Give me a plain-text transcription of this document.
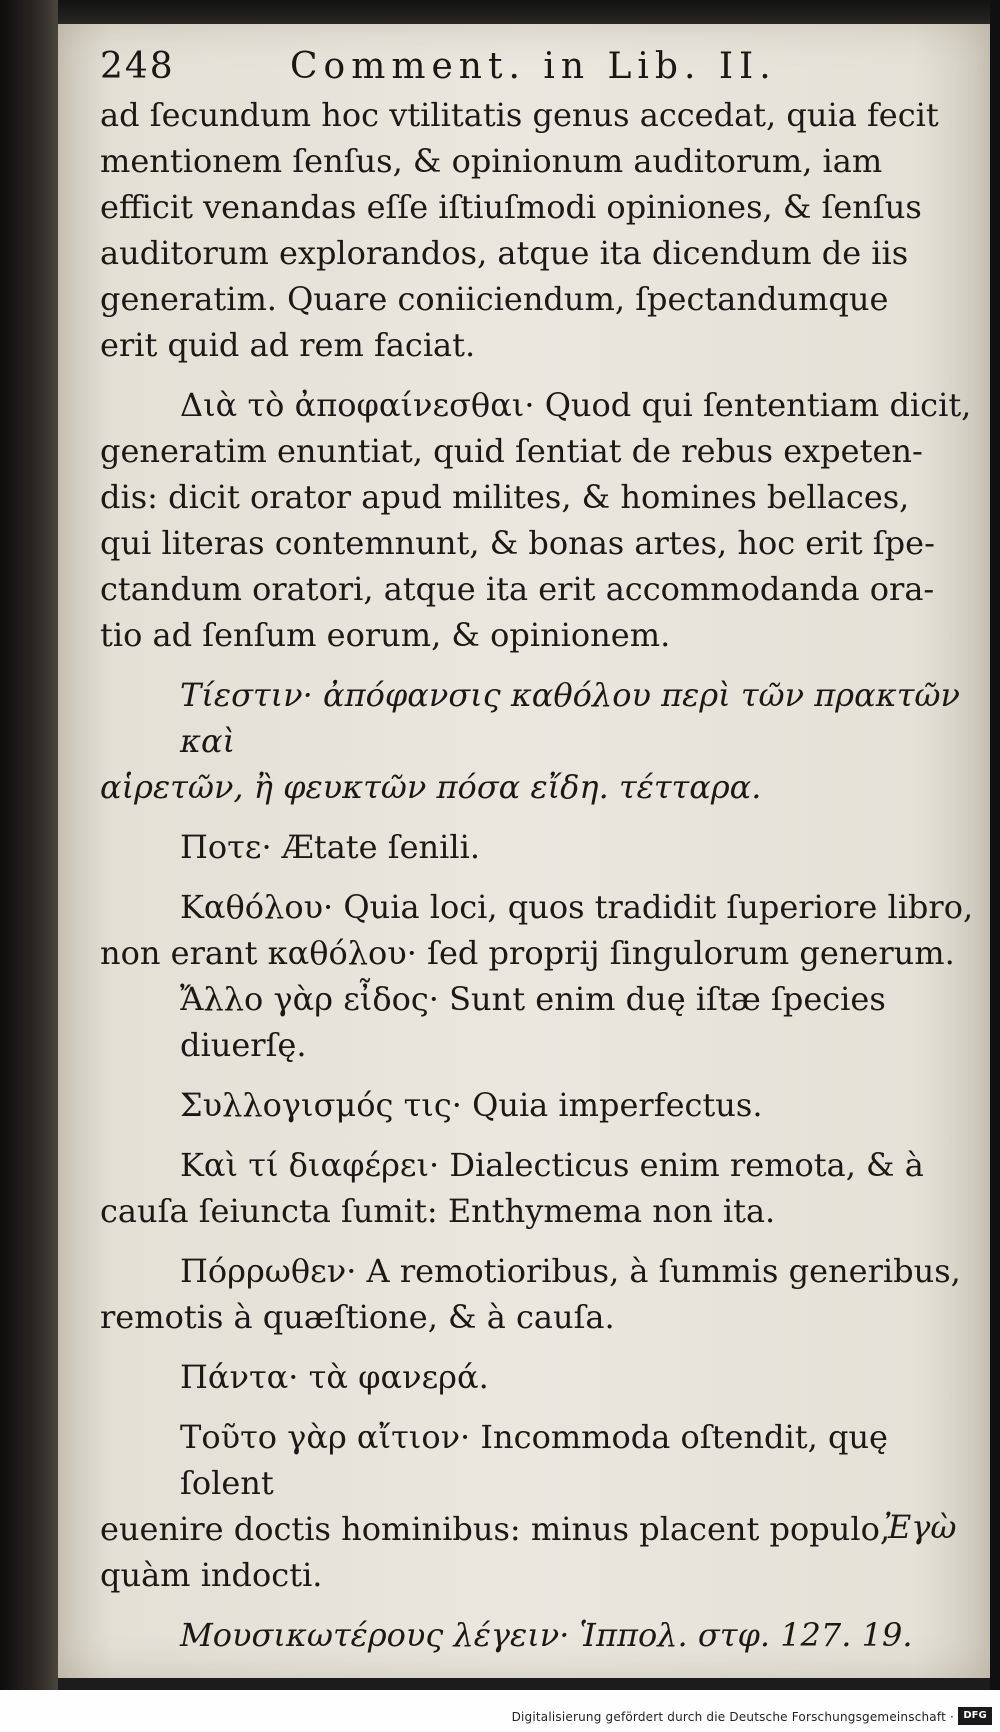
248	Comment. in Lib. II.

ad ſecundum hoc vtilitatis genus accedat, quia fecit

mentionem ſenſus, & opinionum auditorum, iam

efficit venandas eſſe iſtiuſmodi opiniones, & ſenſus

auditorum explorandos, atque ita dicendum de iis

generatim. Quare coniiciendum, ſpectandumque

erit quid ad rem faciat.

Διὰ τὸ ἀποφαίνεσθαι· Quod qui ſententiam dicit,

generatim enuntiat, quid ſentiat de rebus expeten-

dis: dicit orator apud milites, & homines bellaces,

qui literas contemnunt, & bonas artes, hoc erit ſpe-

ctandum oratori, atque ita erit accommodanda ora-

tio ad ſenſum eorum, & opinionem.

Τίεστιν· ἀπόφανσις καθόλου περὶ τῶν πρακτῶν καὶ

αἱρετῶν, ἢ φευκτῶν πόσα εἴδη. τέτταρα.

Ποτε· Ætate ſenili.

Καθόλου· Quia loci, quos tradidit ſuperiore libro,

non erant καθόλου· ſed proprij ſingulorum generum.

Ἄλλο γὰρ εἶδος· Sunt enim duę iſtæ ſpecies diuerſę.

Συλλογισμός τις· Quia imperfectus.

Καὶ τί διαφέρει· Dialecticus enim remota, & à

cauſa ſeiuncta ſumit: Enthymema non ita.

Πόρρωθεν· A remotioribus, à ſummis generibus,

remotis à quæſtione, & à cauſa.

Πάντα· τὰ φανερά.

Τοῦτο γὰρ αἴτιον· Incommoda oſtendit, quę ſolent

euenire doctis hominibus: minus placent populo,

quàm indocti.

Μουσικωτέρους λέγειν· Ἱππολ. στφ. 127. 19.

Ἐγὼ
Digitalisierung gefördert durch die Deutsche Forschungsgemeinschaft · DFG
